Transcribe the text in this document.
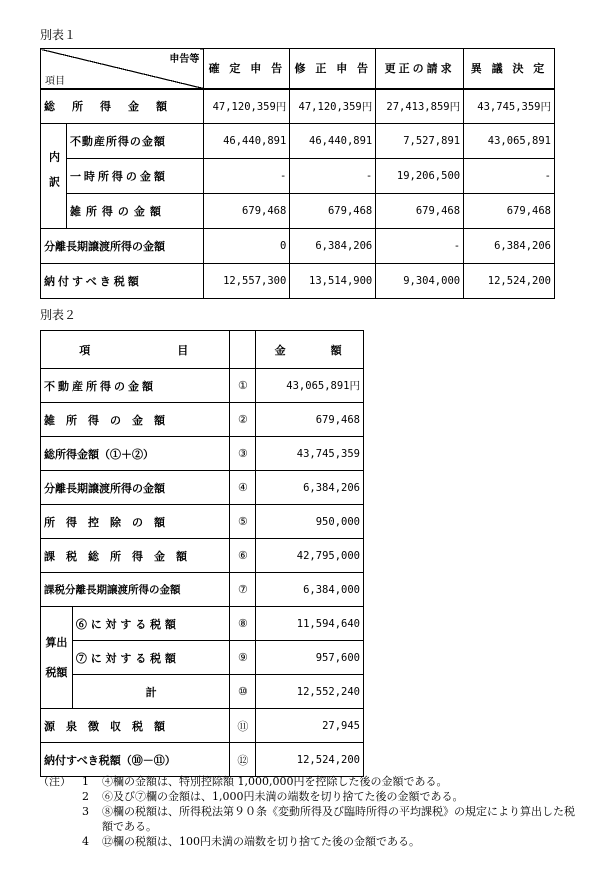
別表１
申告等
項目		確 定 申 告	修 正 申 告	更正の請求	異 議 決 定
総　所　得　金　額		47,120,359円	47,120,359円	27,413,859円	43,745,359円
内訳	不動産所得の金額	46,440,891	46,440,891	7,527,891	43,065,891
	一時所得の金額	-	-	19,206,500	-
	雑所得の金額	679,468	679,468	679,468	679,468
分離長期譲渡所得の金額		0	6,384,206	-	6,384,206
納付すべき税額		12,557,300	13,514,900	9,304,000	12,524,200
別表２
項　　　　　　目			金　　　額
不動産所得の金額		①	43,065,891円
雑　所　得　の　金　額		②	679,468
総所得金額（①＋②）		③	43,745,359
分離長期譲渡所得の金額		④	6,384,206
所　得　控　除　の　額		⑤	950,000
課　税　総　所　得　金　額		⑥	42,795,000
課税分離長期譲渡所得の金額		⑦	6,384,000

算出
税額	⑥ に 対 す る 税 額	⑧	11,594,640
	⑦ に 対 す る 税 額	⑨	957,600
	計	⑩	12,552,240
源　泉　徴　収　税　額		⑪	27,945
納付すべき税額（⑩－⑪）		⑫	12,524,200
（注）	1	④欄の金額は、特別控除額 1,000,000円を控除した後の金額である。
2	⑥及び⑦欄の金額は、1,000円未満の端数を切り捨てた後の金額である。
3	⑧欄の税額は、所得税法第９０条《変動所得及び臨時所得の平均課税》の規定により算出した税額である。
4	⑫欄の税額は、100円未満の端数を切り捨てた後の金額である。
